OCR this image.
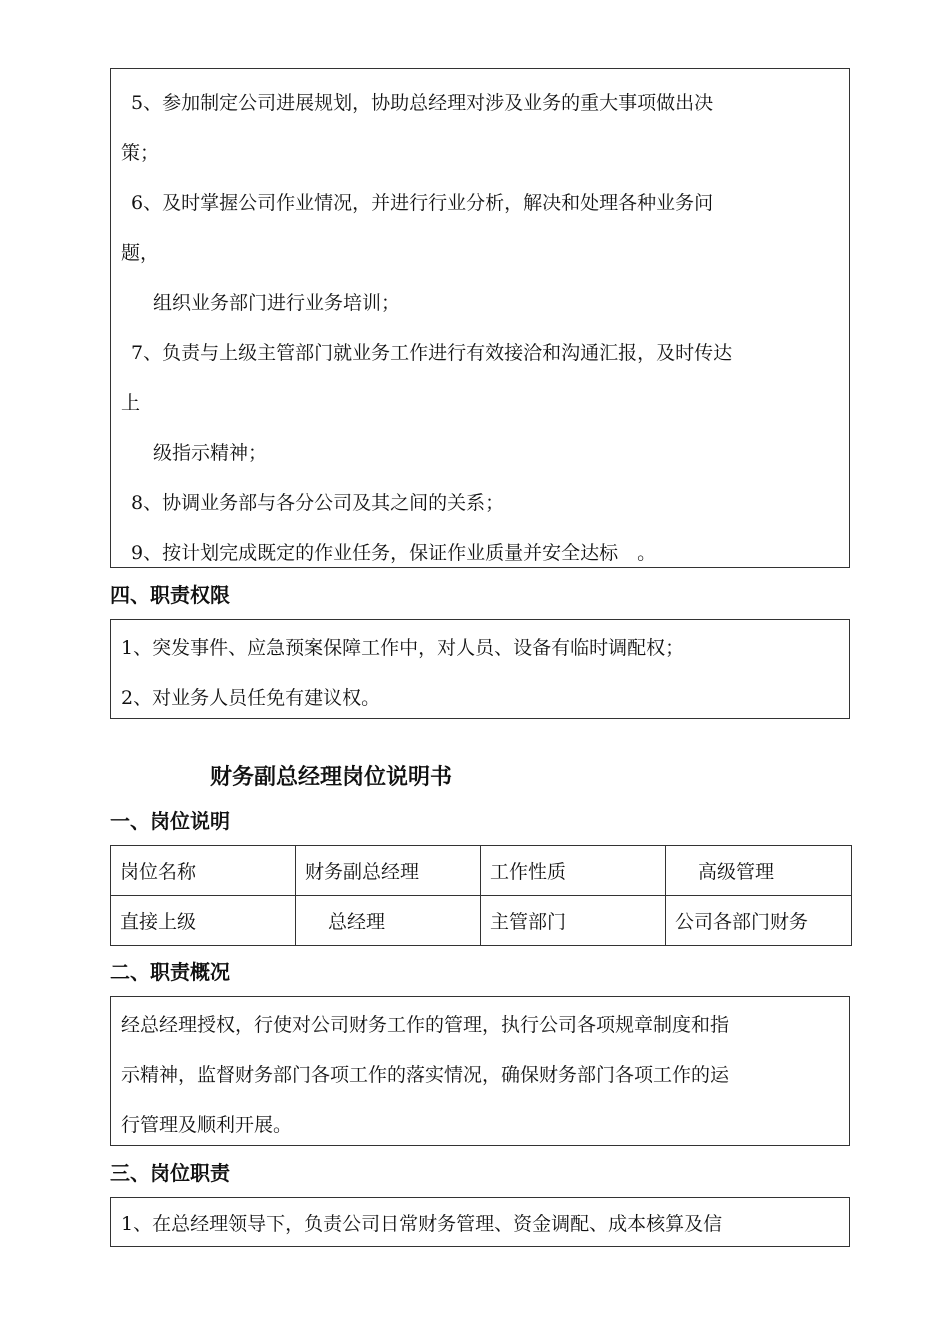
5、参加制定公司进展规划，协助总经理对涉及业务的重大事项做出决
策；
6、及时掌握公司作业情况，并进行行业分析，解决和处理各种业务问
题，
组织业务部门进行业务培训；
7、负责与上级主管部门就业务工作进行有效接洽和沟通汇报，及时传达
上
级指示精神；
8、协调业务部与各分公司及其之间的关系；
9、按计划完成既定的作业任务，保证作业质量并安全达标　。
四、职责权限
1、突发事件、应急预案保障工作中，对人员、设备有临时调配权；
2、对业务人员任免有建议权。
财务副总经理岗位说明书
一、岗位说明
岗位名称	财务副总经理	工作性质	高级管理
直接上级	总经理	主管部门	公司各部门财务
二、职责概况
经总经理授权，行使对公司财务工作的管理，执行公司各项规章制度和指
示精神，监督财务部门各项工作的落实情况，确保财务部门各项工作的运
行管理及顺利开展。
三、岗位职责
1、在总经理领导下，负责公司日常财务管理、资金调配、成本核算及信
